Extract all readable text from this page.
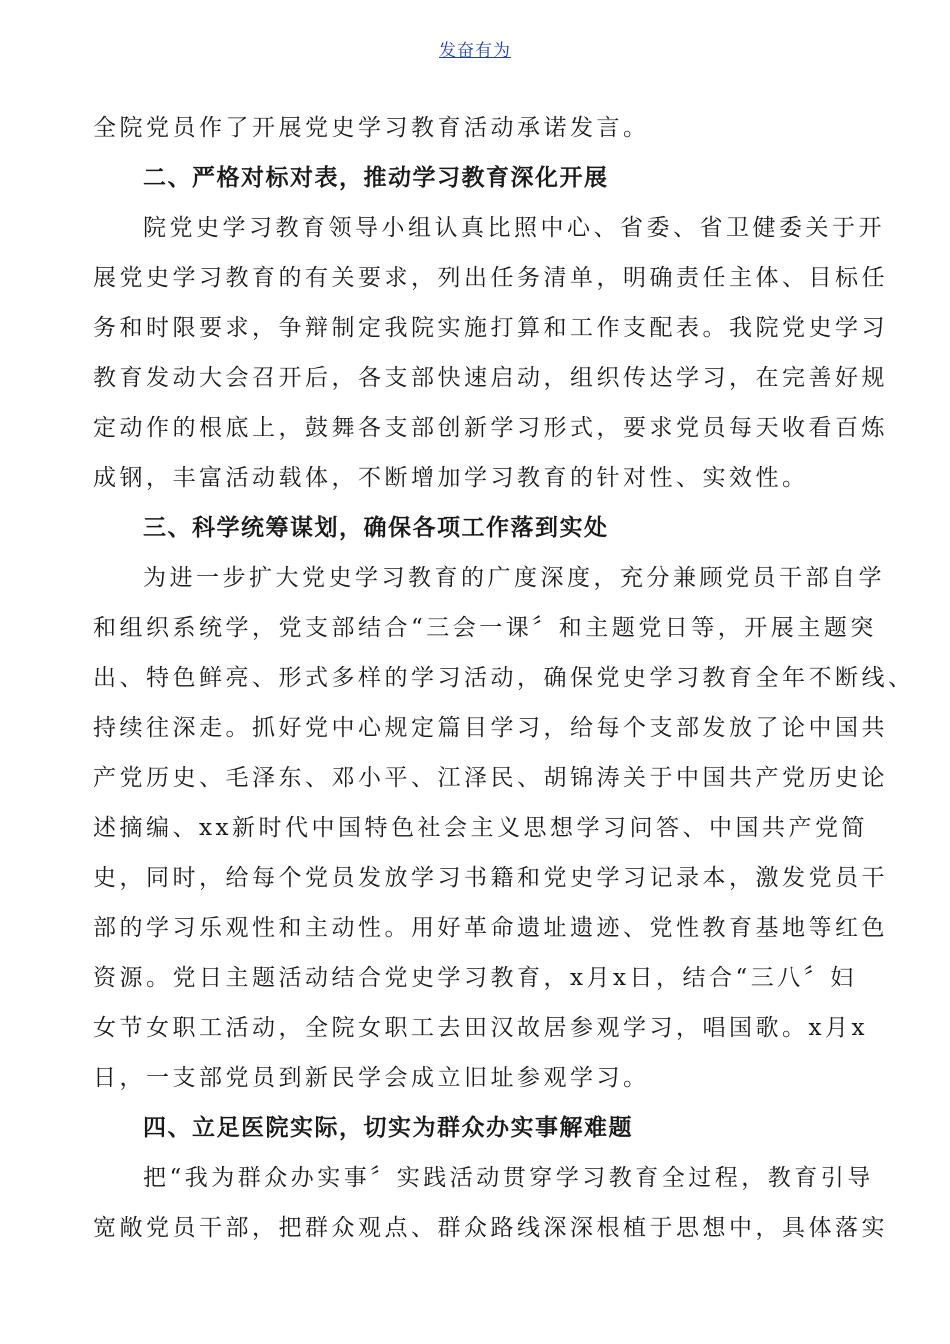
发奋有为
全院党员作了开展党史学习教育活动承诺发言。
二、严格对标对表，推动学习教育深化开展
院党史学习教育领导小组认真比照中心、省委、省卫健委关于开
展党史学习教育的有关要求，列出任务清单，明确责任主体、目标任
务和时限要求，争辩制定我院实施打算和工作支配表。我院党史学习
教育发动大会召开后，各支部快速启动，组织传达学习，在完善好规
定动作的根底上，鼓舞各支部创新学习形式，要求党员每天收看百炼
成钢，丰富活动载体，不断增加学习教育的针对性、实效性。
三、科学统筹谋划，确保各项工作落到实处
为进一步扩大党史学习教育的广度深度，充分兼顾党员干部自学
和组织系统学，党支部结合“三会一课〞和主题党日等，开展主题突
出、特色鲜亮、形式多样的学习活动，确保党史学习教育全年不断线、
持续往深走。抓好党中心规定篇目学习，给每个支部发放了论中国共
产党历史、毛泽东、邓小平、江泽民、胡锦涛关于中国共产党历史论
述摘编、xx新时代中国特色社会主义思想学习问答、中国共产党简
史，同时，给每个党员发放学习书籍和党史学习记录本，激发党员干
部的学习乐观性和主动性。用好革命遗址遗迹、党性教育基地等红色
资源。党日主题活动结合党史学习教育，x月x日，结合“三八〞妇
女节女职工活动，全院女职工去田汉故居参观学习，唱国歌。x月x
日，一支部党员到新民学会成立旧址参观学习。
四、立足医院实际，切实为群众办实事解难题
把“我为群众办实事〞实践活动贯穿学习教育全过程，教育引导
宽敞党员干部，把群众观点、群众路线深深根植于思想中，具体落实
